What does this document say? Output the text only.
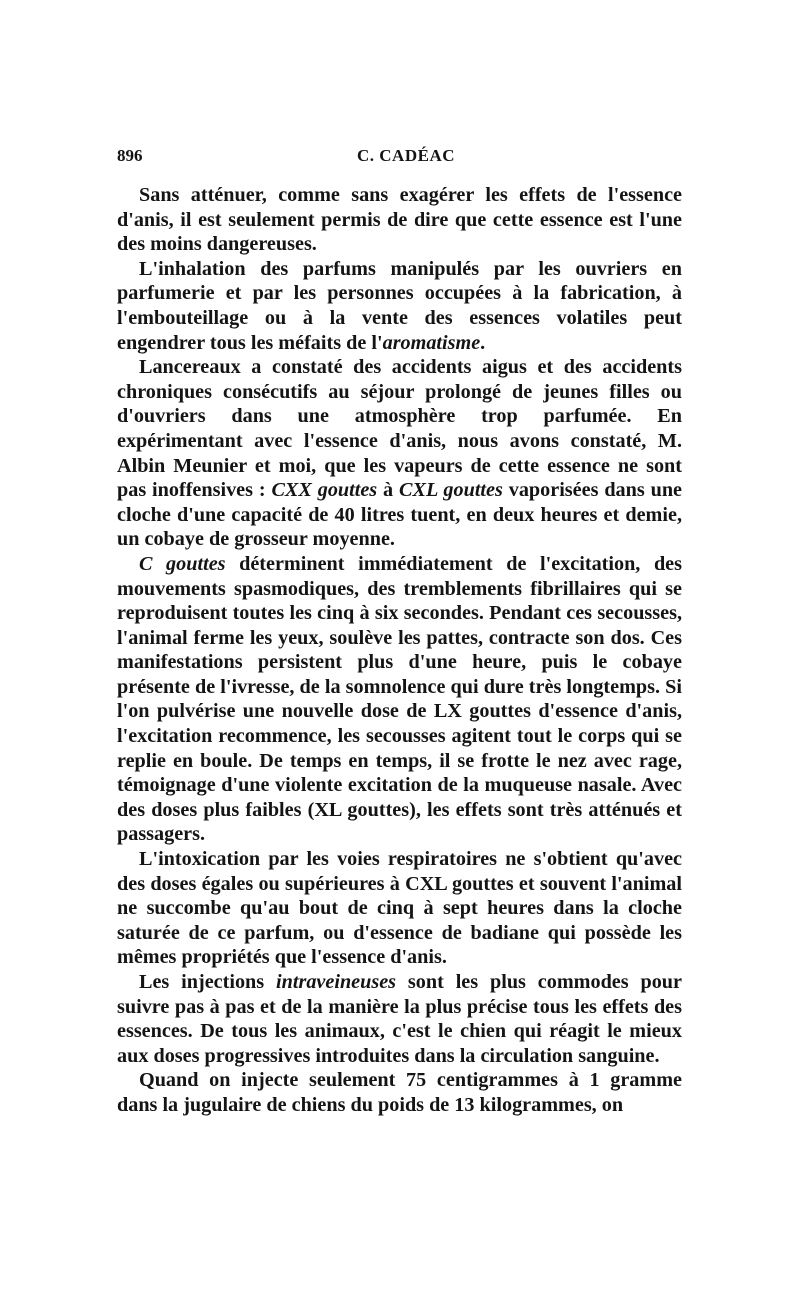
896	C. CADÉAC

Sans atténuer, comme sans exagérer les effets de l'essence d'anis, il est seulement permis de dire que cette essence est l'une des moins dangereuses.

L'inhalation des parfums manipulés par les ouvriers en parfumerie et par les personnes occupées à la fabrication, à l'embouteillage ou à la vente des essences volatiles peut engendrer tous les méfaits de l'aromatisme.

Lancereaux a constaté des accidents aigus et des accidents chroniques consécutifs au séjour prolongé de jeunes filles ou d'ouvriers dans une atmosphère trop parfumée. En expérimentant avec l'essence d'anis, nous avons constaté, M. Albin Meunier et moi, que les vapeurs de cette essence ne sont pas inoffensives : CXX gouttes à CXL gouttes vaporisées dans une cloche d'une capacité de 40 litres tuent, en deux heures et demie, un cobaye de grosseur moyenne.

C gouttes déterminent immédiatement de l'excitation, des mouvements spasmodiques, des tremblements fibrillaires qui se reproduisent toutes les cinq à six secondes. Pendant ces secousses, l'animal ferme les yeux, soulève les pattes, contracte son dos. Ces manifestations persistent plus d'une heure, puis le cobaye présente de l'ivresse, de la somnolence qui dure très longtemps. Si l'on pulvérise une nouvelle dose de LX gouttes d'essence d'anis, l'excitation recommence, les secousses agitent tout le corps qui se replie en boule. De temps en temps, il se frotte le nez avec rage, témoignage d'une violente excitation de la muqueuse nasale. Avec des doses plus faibles (XL gouttes), les effets sont très atténués et passagers.

L'intoxication par les voies respiratoires ne s'obtient qu'avec des doses égales ou supérieures à CXL gouttes et souvent l'animal ne succombe qu'au bout de cinq à sept heures dans la cloche saturée de ce parfum, ou d'essence de badiane qui possède les mêmes propriétés que l'essence d'anis.

Les injections intraveineuses sont les plus commodes pour suivre pas à pas et de la manière la plus précise tous les effets des essences. De tous les animaux, c'est le chien qui réagit le mieux aux doses progressives introduites dans la circulation sanguine.

Quand on injecte seulement 75 centigrammes à 1 gramme dans la jugulaire de chiens du poids de 13 kilogrammes, on
